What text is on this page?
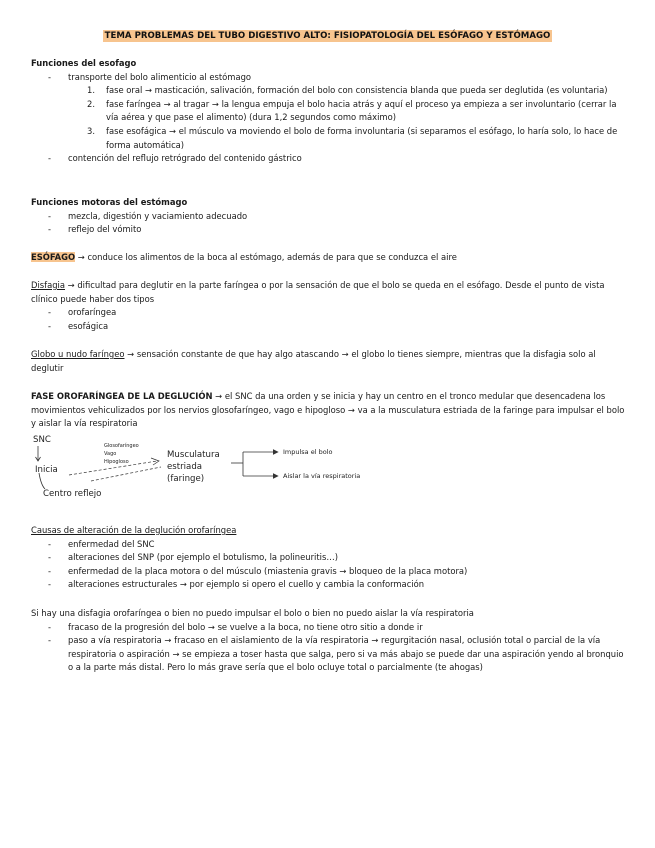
TEMA PROBLEMAS DEL TUBO DIGESTIVO ALTO: FISIOPATOLOGÍA DEL ESÓFAGO Y ESTÓMAGO
Funciones del esofago
- transporte del bolo alimenticio al estómago
1. fase oral → masticación, salivación, formación del bolo con consistencia blanda que pueda ser deglutida (es voluntaria)
2. fase faríngea → al tragar → la lengua empuja el bolo hacia atrás y aquí el proceso ya empieza a ser involuntario (cerrar la vía aérea y que pase el alimento) (dura 1,2 segundos como máximo)
3. fase esofágica → el músculo va moviendo el bolo de forma involuntaria (si separamos el esófago, lo haría solo, lo hace de forma automática)
- contención del reflujo retrógrado del contenido gástrico
Funciones motoras del estómago
- mezcla, digestión y vaciamiento adecuado
- reflejo del vómito
ESÓFAGO → conduce los alimentos de la boca al estómago, además de para que se conduzca el aire
Disfagia → dificultad para deglutir en la parte faríngea o por la sensación de que el bolo se queda en el esófago. Desde el punto de vista clínico puede haber dos tipos
- orofaríngea
- esofágica
Globo u nudo faríngeo → sensación constante de que hay algo atascando → el globo lo tienes siempre, mientras que la disfagia solo al deglutir
FASE OROFARÍNGEA DE LA DEGLUCIÓN → el SNC da una orden y se inicia y hay un centro en el tronco medular que desencadena los movimientos vehiculizados por los nervios glosofaríngeo, vago e hipogloso → va a la musculatura estriada de la faringe para impulsar el bolo y aislar la vía respiratoria
SNC
Inicia
Centro reflejo
Glosofaríngeo
Vago
Hipogloso
Musculatura
estriada
(faringe)
Impulsa el bolo
Aislar la vía respiratoria
Causas de alteración de la deglución orofaríngea
- enfermedad del SNC
- alteraciones del SNP (por ejemplo el botulismo, la polineuritis…)
- enfermedad de la placa motora o del músculo (miastenia gravis → bloqueo de la placa motora)
- alteraciones estructurales → por ejemplo si opero el cuello y cambia la conformación
Si hay una disfagia orofaríngea o bien no puedo impulsar el bolo o bien no puedo aislar la vía respiratoria
- fracaso de la progresión del bolo → se vuelve a la boca, no tiene otro sitio a donde ir
- paso a vía respiratoria → fracaso en el aislamiento de la vía respiratoria → regurgitación nasal, oclusión total o parcial de la vía respiratoria o aspiración → se empieza a toser hasta que salga, pero si va más abajo se puede dar una aspiración yendo al bronquio o a la parte más distal. Pero lo más grave sería que el bolo ocluye total o parcialmente (te ahogas)
